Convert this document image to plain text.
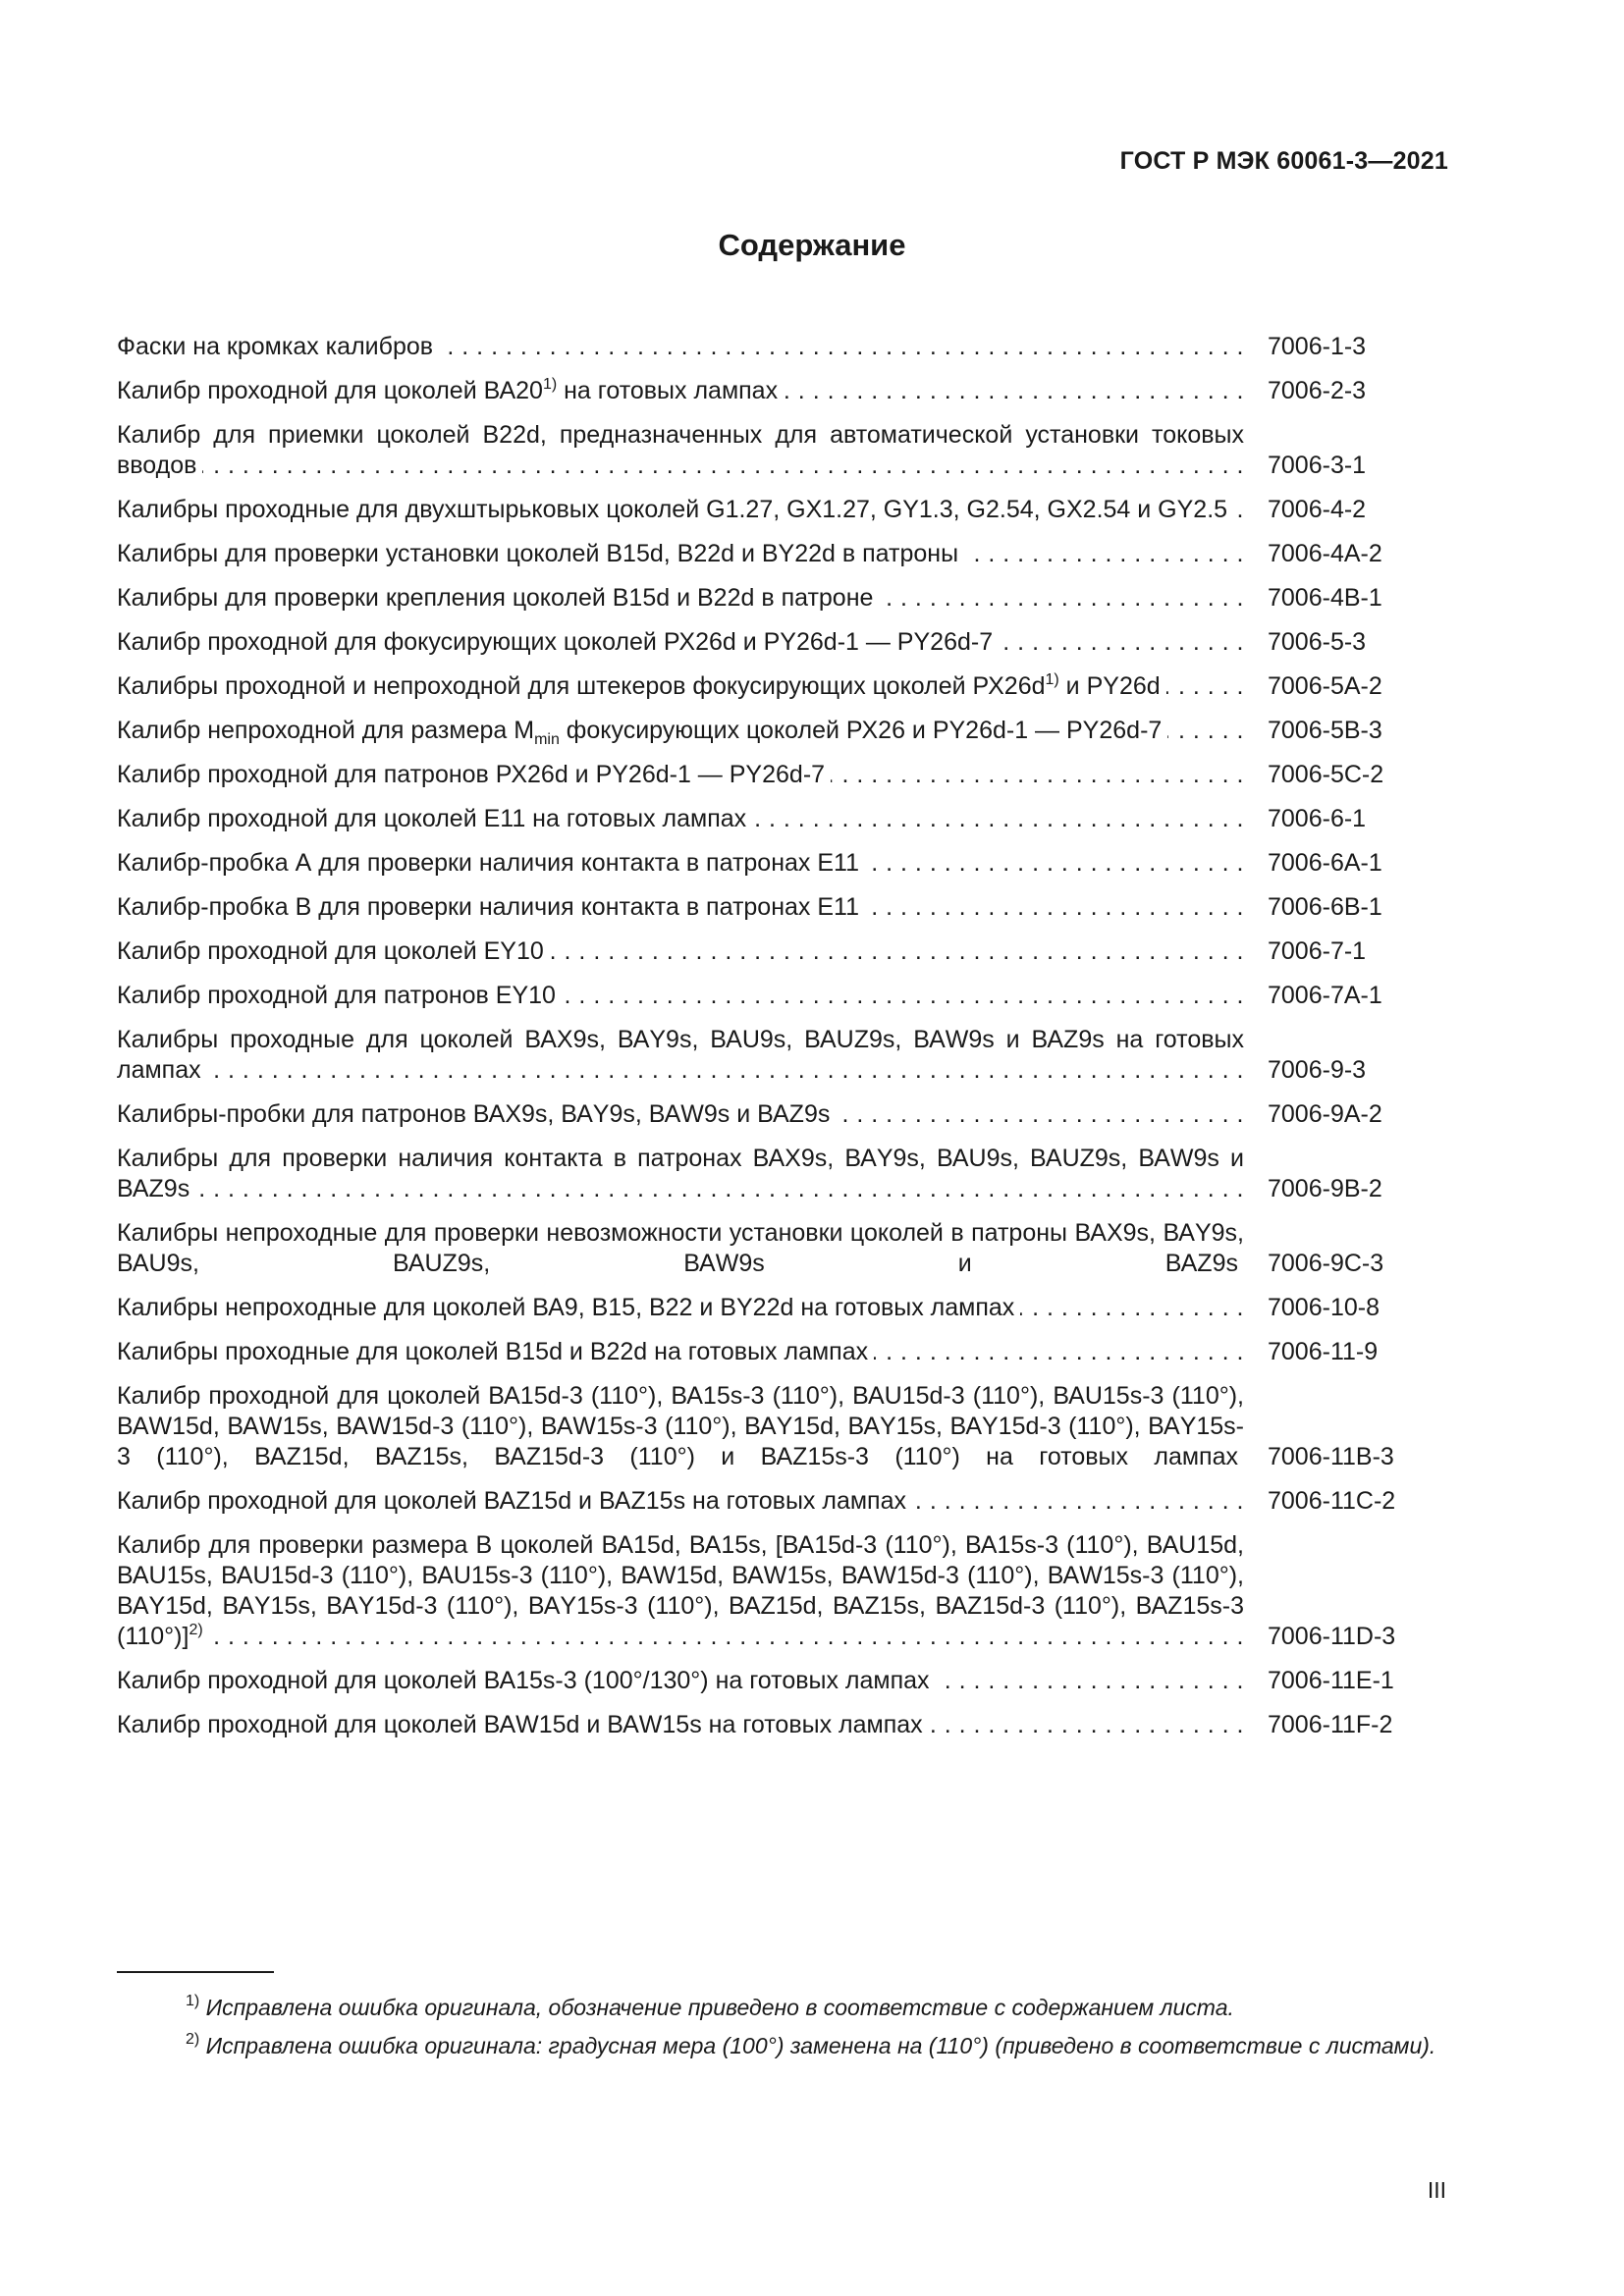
ГОСТ Р МЭК 60061-3—2021
Содержание
Фаски на кромках калибров . . .	7006-1-3
Калибр проходной для цоколей ВА20$^{1)}$ на готовых лампах . . .	7006-2-3
Калибр для приемки цоколей В22d, предназначенных для автоматической установки токовых вводов . . .	7006-3-1
Калибры проходные для двухштырьковых цоколей G1.27, GX1.27, GY1.3, G2.54, GX2.54 и GY2.5 . . .	7006-4-2
Калибры для проверки установки цоколей В15d, В22d и ВY22d в патроны . . .	7006-4A-2
Калибры для проверки крепления цоколей В15d и В22d в патроне . . .	7006-4B-1
Калибр проходной для фокусирующих цоколей РХ26d и РY26d-1 — РY26d-7 . . .	7006-5-3
Калибры проходной и непроходной для штекеров фокусирующих цоколей $РХ26d^{1)}$ и РY26d . . .	7006-5A-2
Калибр непроходной для размера $М_{min}$ фокусирующих цоколей РХ26 и РY26d-1 — РY26d-7 . . .	7006-5B-3
Калибр проходной для патронов РХ26d и РY26d-1 — РY26d-7 . . .	7006-5C-2
Калибр проходной для цоколей Е11 на готовых лампах . . .	7006-6-1
Калибр-пробка А для проверки наличия контакта в патронах Е11 . . .	7006-6A-1
Калибр-пробка В для проверки наличия контакта в патронах Е11 . . .	7006-6B-1
Калибр проходной для цоколей ЕY10 . . .	7006-7-1
Калибр проходной для патронов ЕY10 . . .	7006-7A-1
Калибры проходные для цоколей ВАХ9s, ВАY9s, ВАU9s, ВАUZ9s, ВАW9s и ВАZ9s на готовых лампах . . .	7006-9-3
Калибры-пробки для патронов ВАХ9s, ВАY9s, ВАW9s и ВАZ9s . . .	7006-9A-2
Калибры для проверки наличия контакта в патронах ВАХ9s, ВАY9s, ВАU9s, ВАUZ9s, ВАW9s и ВАZ9s . . .	7006-9B-2
Калибры непроходные для проверки невозможности установки цоколей в патроны ВАХ9s, ВАY9s, ВАU9s, ВАUZ9s, ВАW9s и ВАZ9s . . . 7006-9C-3
Калибры непроходные для цоколей ВА9, В15, В22 и ВY22d на готовых лампах . . .	7006-10-8
Калибры проходные для цоколей В15d и В22d на готовых лампах . . .	7006-11-9
Калибр проходной для цоколей ВА15d-3 (110°), ВА15s-3 (110°), ВАU15d-3 (110°), ВАU15s-3 (110°), ВАW15d, ВАW15s, ВАW15d-3 (110°), ВАW15s-3 (110°), ВАY15d, ВАY15s, ВАY15d-3 (110°), ВАY15s-3 (110°), ВАZ15d, ВАZ15s, ВАZ15d-3 (110°) и ВАZ15s-3 (110°) на готовых лампах . . . 7006-11B-3
Калибр проходной для цоколей ВАZ15d и ВАZ15s на готовых лампах . . .	7006-11C-2
Калибр для проверки размера В цоколей ВА15d, ВА15s, [ВА15d-3 (110°), ВА15s-3 (110°), ВАU15d, ВАU15s, ВАU15d-3 (110°), ВАU15s-3 (110°), ВАW15d, ВАW15s, ВАW15d-3 (110°), ВАW15s-3 (110°), ВАY15d, ВАY15s, ВАY15d-3 (110°), ВАY15s-3 (110°), ВАZ15d, ВАZ15s, ВАZ15d-3 (110°), ВАZ15s-3 (110°)]$^{2)}$ . . .	7006-11D-3
Калибр проходной для цоколей ВА15s-3 (100°/130°) на готовых лампах . . .	7006-11E-1
Калибр проходной для цоколей ВАW15d и ВАW15s на готовых лампах . . .	7006-11F-2
$^{1)}$ Исправлена ошибка оригинала, обозначение приведено в соответствие с содержанием листа.
$^{2)}$ Исправлена ошибка оригинала: градусная мера (100°) заменена на (110°) (приведено в соответствие с листами).
III
